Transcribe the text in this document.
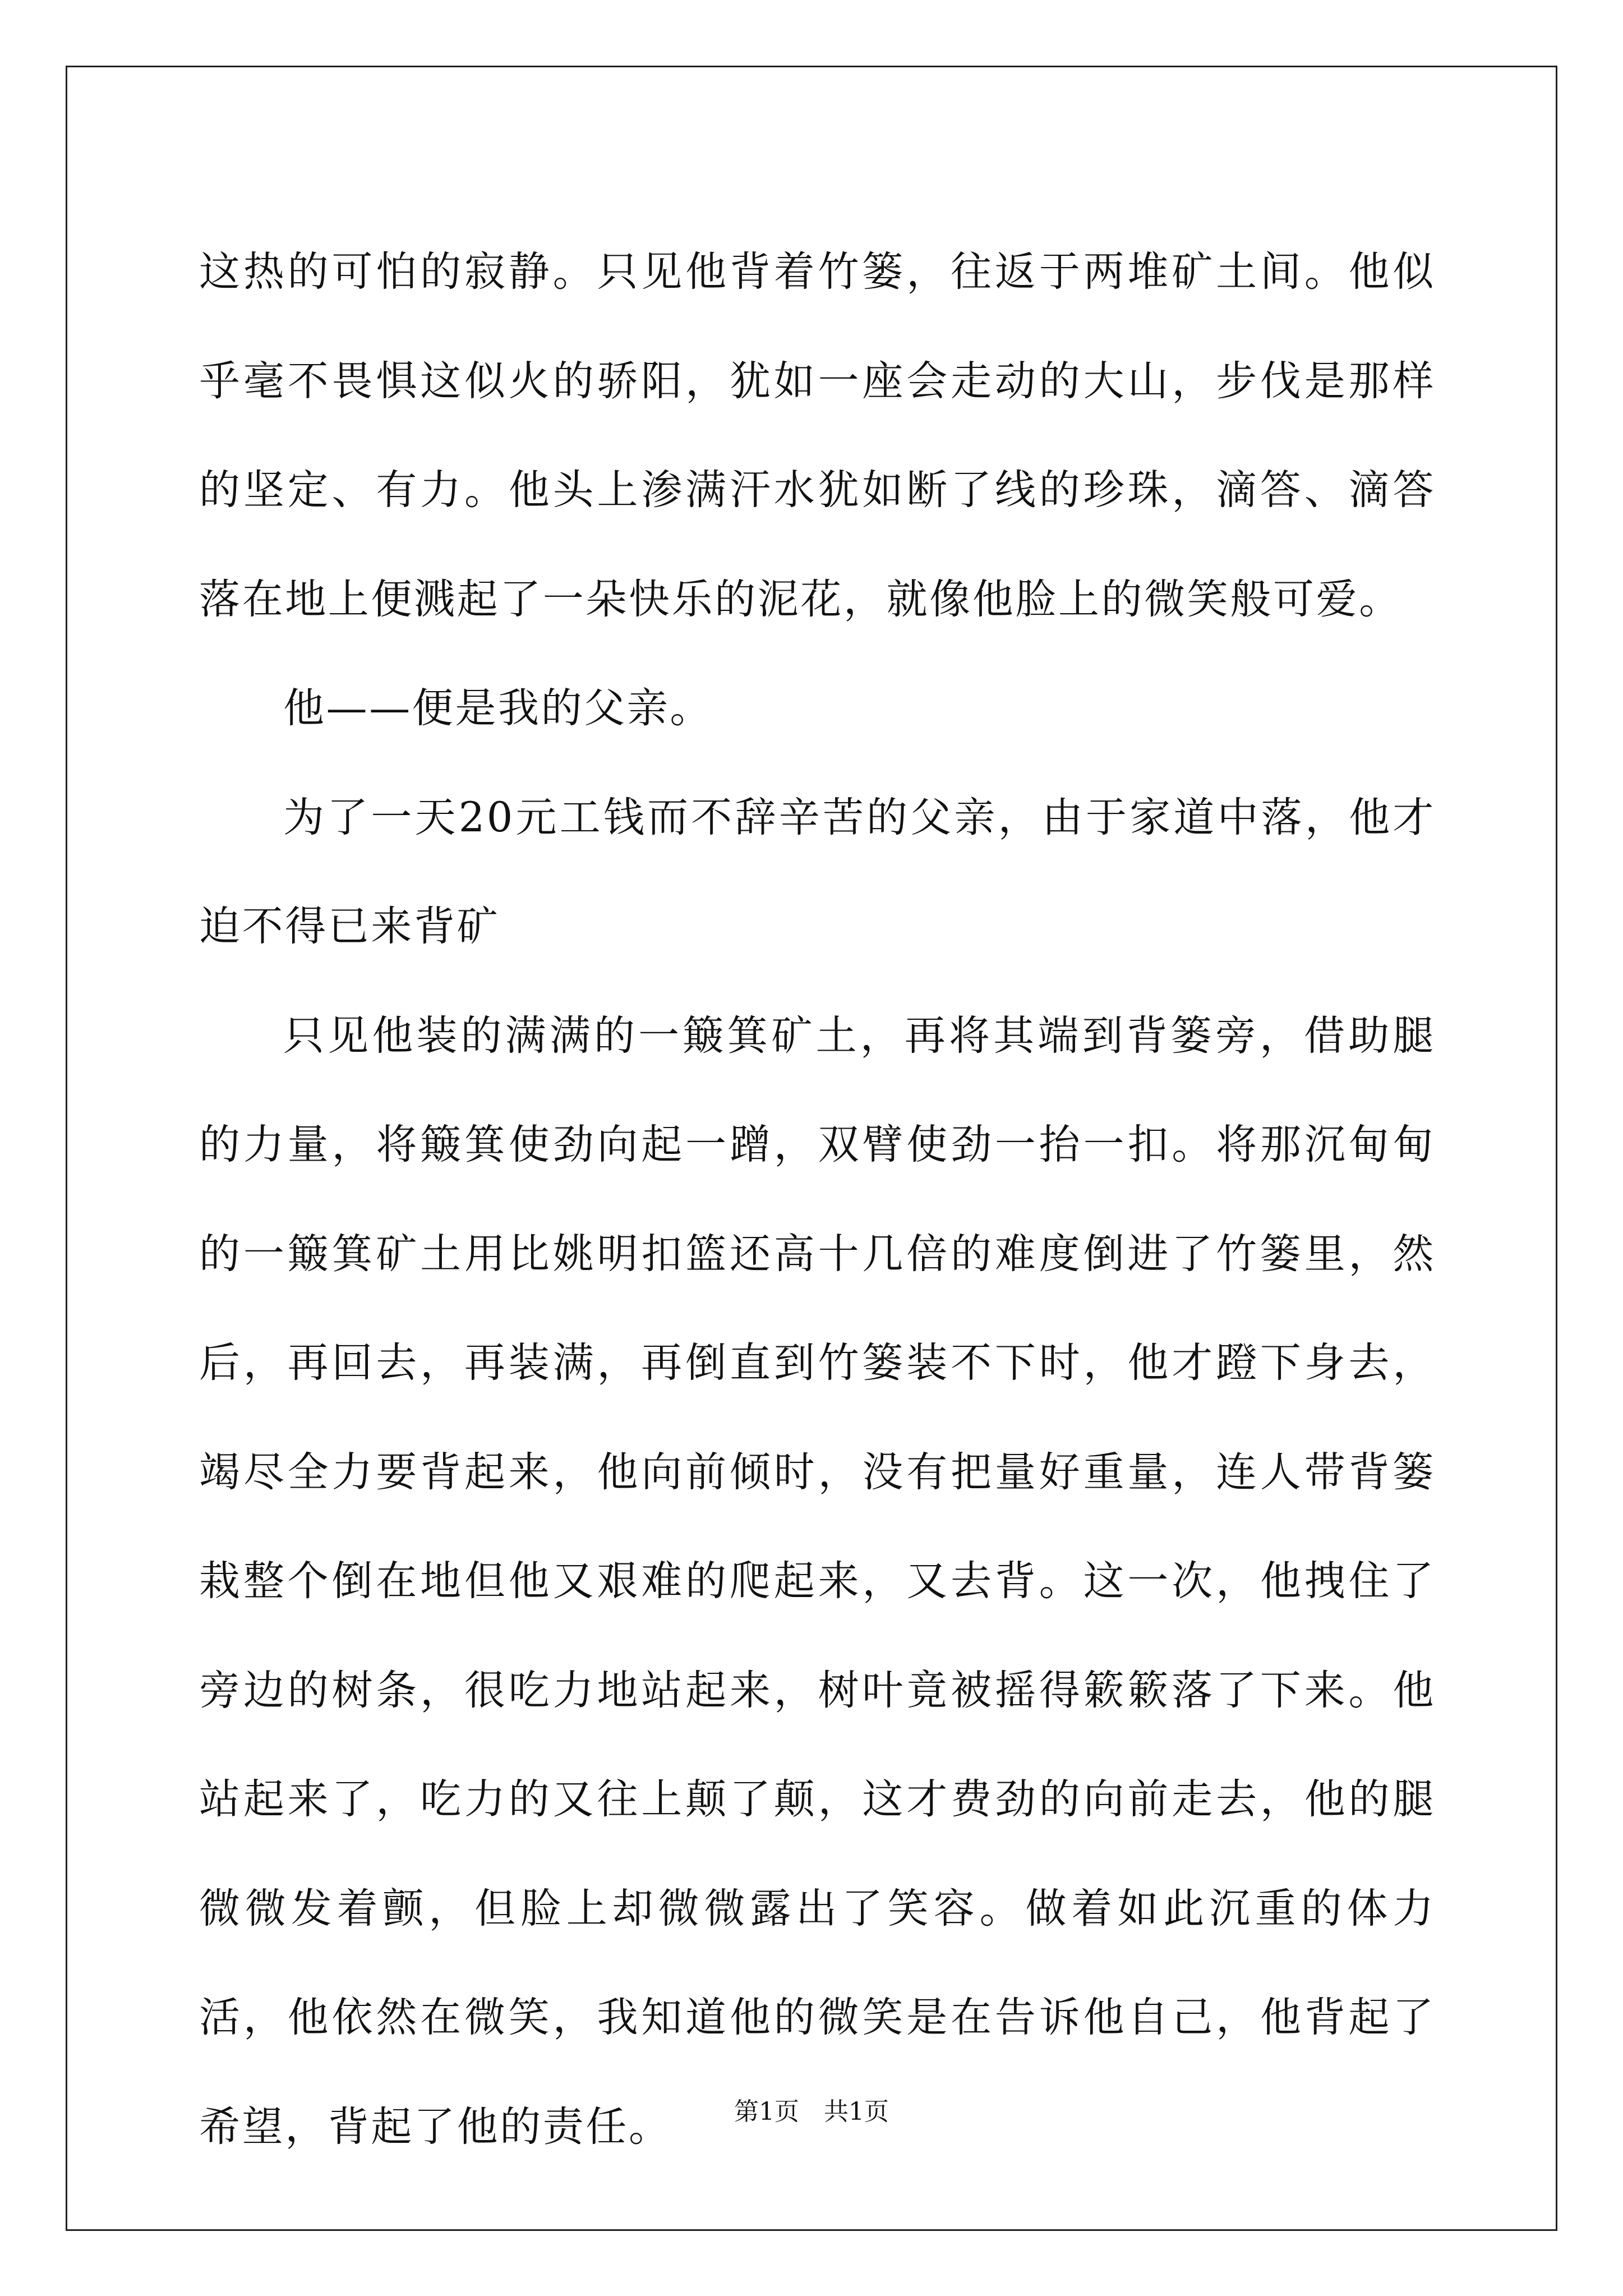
这热的可怕的寂静。只见他背着竹篓，往返于两堆矿土间。他似乎毫不畏惧这似火的骄阳，犹如一座会走动的大山，步伐是那样的坚定、有力。他头上渗满汗水犹如断了线的珍珠，滴答、滴答落在地上便溅起了一朵快乐的泥花，就像他脸上的微笑般可爱。

他——便是我的父亲。

为了一天20元工钱而不辞辛苦的父亲，由于家道中落，他才迫不得已来背矿

只见他装的满满的一簸箕矿土，再将其端到背篓旁，借助腿的力量，将簸箕使劲向起一蹭，双臂使劲一抬一扣。将那沉甸甸的一簸箕矿土用比姚明扣篮还高十几倍的难度倒进了竹篓里，然后，再回去，再装满，再倒直到竹篓装不下时，他才蹬下身去，竭尽全力要背起来，他向前倾时，没有把量好重量，连人带背篓栽整个倒在地但他又艰难的爬起来，又去背。这一次，他拽住了旁边的树条，很吃力地站起来，树叶竟被摇得簌簌落了下来。他站起来了，吃力的又往上颠了颠，这才费劲的向前走去，他的腿微微发着颤，但脸上却微微露出了笑容。做着如此沉重的体力活，他依然在微笑，我知道他的微笑是在告诉他自己，他背起了希望，背起了他的责任。	第1页　共1页
